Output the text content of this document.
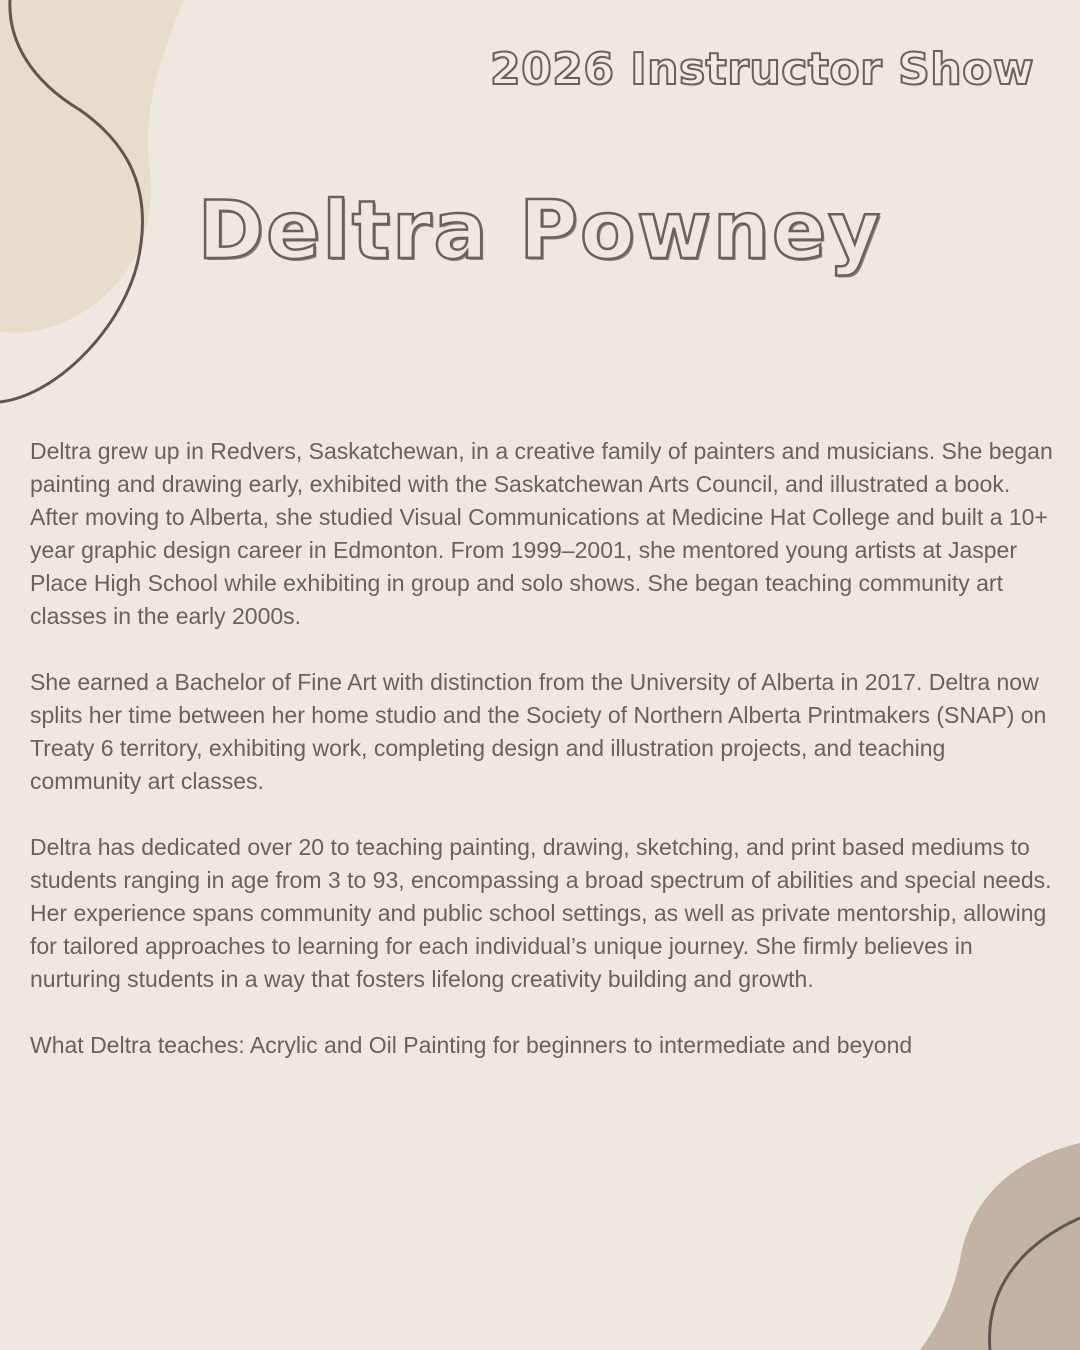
2026 Instructor Show
Deltra Powney

Deltra grew up in Redvers, Saskatchewan, in a creative family of painters and musicians. She began painting and drawing early, exhibited with the Saskatchewan Arts Council, and illustrated a book. After moving to Alberta, she studied Visual Communications at Medicine Hat College and built a 10+ year graphic design career in Edmonton. From 1999–2001, she mentored young artists at Jasper Place High School while exhibiting in group and solo shows. She began teaching community art classes in the early 2000s.

She earned a Bachelor of Fine Art with distinction from the University of Alberta in 2017. Deltra now splits her time between her home studio and the Society of Northern Alberta Printmakers (SNAP) on Treaty 6 territory, exhibiting work, completing design and illustration projects, and teaching community art classes.

Deltra has dedicated over 20 to teaching painting, drawing, sketching, and print based mediums to students ranging in age from 3 to 93, encompassing a broad spectrum of abilities and special needs. Her experience spans community and public school settings, as well as private mentorship, allowing for tailored approaches to learning for each individual’s unique journey. She firmly believes in nurturing students in a way that fosters lifelong creativity building and growth.

What Deltra teaches: Acrylic and Oil Painting for beginners to intermediate and beyond
